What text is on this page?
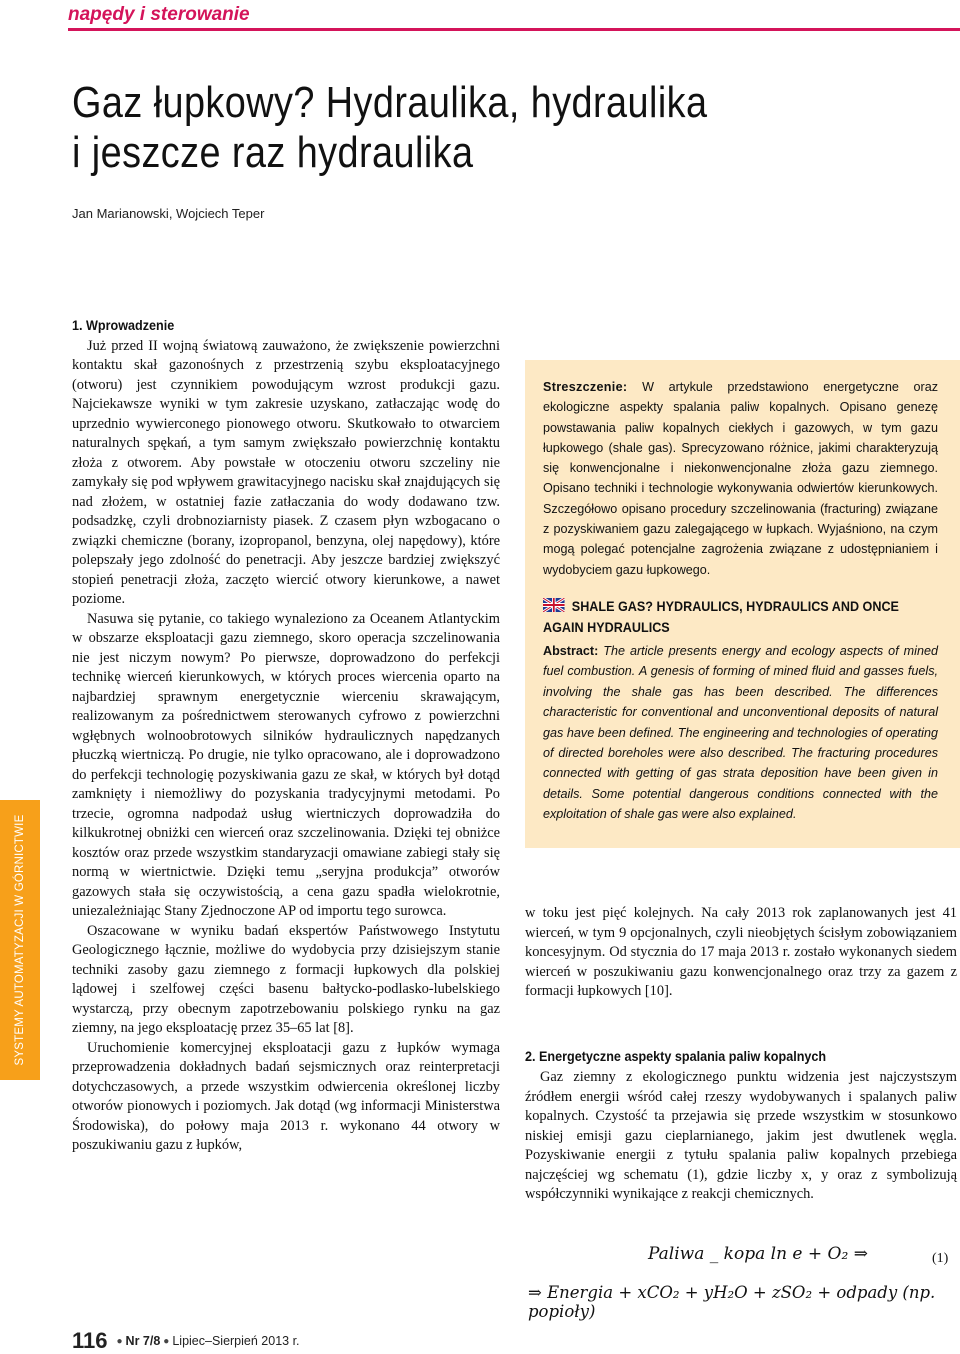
napędy i sterowanie
Gaz łupkowy? Hydraulika, hydraulika
i jeszcze raz hydraulika
Jan Marianowski, Wojciech Teper
SYSTEMY AUTOMATYZACJI W GÓRNICTWIE
1. Wprowadzenie

Już przed II wojną światową zauważono, że zwiększenie powierzchni kontaktu skał gazonośnych z przestrzenią szybu eksploatacyjnego (otworu) jest czynnikiem powodującym wzrost produkcji gazu. Najciekawsze wyniki w tym zakresie uzyskano, zatłaczając wodę do uprzednio wywierconego pionowego otworu. Skutkowało to otwarciem naturalnych spękań, a tym samym zwiększało powierzchnię kontaktu złoża z otworem. Aby powstałe w otoczeniu otworu szczeliny nie zamykały się pod wpływem grawitacyjnego nacisku skał znajdujących się nad złożem, w ostatniej fazie zatłaczania do wody dodawano tzw. podsadzkę, czyli drobnoziarnisty piasek. Z czasem płyn wzbogacano o związki chemiczne (borany, izopropanol, benzyna, olej napędowy), które polepszały jego zdolność do penetracji. Aby jeszcze bardziej zwiększyć stopień penetracji złoża, zaczęto wiercić otwory kierunkowe, a nawet poziome.

Nasuwa się pytanie, co takiego wynaleziono za Oceanem Atlantyckim w obszarze eksploatacji gazu ziemnego, skoro operacja szczelinowania nie jest niczym nowym? Po pierwsze, doprowadzono do perfekcji technikę wierceń kierunkowych, w których proces wiercenia oparto na najbardziej sprawnym energetycznie wierceniu skrawającym, realizowanym za pośrednictwem sterowanych cyfrowo z powierzchni wgłębnych wolnoobrotowych silników hydraulicznych napędzanych płuczką wiertniczą. Po drugie, nie tylko opracowano, ale i doprowadzono do perfekcji technologię pozyskiwania gazu ze skał, w których był dotąd zamknięty i niemożliwy do pozyskania tradycyjnymi metodami. Po trzecie, ogromna nadpodaż usług wiertniczych doprowadziła do kilkukrotnej obniżki cen wierceń oraz szczelinowania. Dzięki tej obniżce kosztów oraz przede wszystkim standaryzacji omawiane zabiegi stały się normą w wiertnictwie. Dzięki temu „seryjna produkcja” otworów gazowych stała się oczywistością, a cena gazu spadła wielokrotnie, uniezależniając Stany Zjednoczone AP od importu tego surowca.

Oszacowane w wyniku badań ekspertów Państwowego Instytutu Geologicznego łącznie, możliwe do wydobycia przy dzisiejszym stanie techniki zasoby gazu ziemnego z formacji łupkowych dla polskiej lądowej i szelfowej części basenu bałtycko-podlasko-lubelskiego wystarczą, przy obecnym zapotrzebowaniu polskiego rynku na gaz ziemny, na jego eksploatację przez 35–65 lat [8].

Uruchomienie komercyjnej eksploatacji gazu z łupków wymaga przeprowadzenia dokładnych badań sejsmicznych oraz reinterpretacji dotychczasowych, a przede wszystkim odwiercenia określonej liczby otworów pionowych i poziomych. Jak dotąd (wg informacji Ministerstwa Środowiska), do połowy maja 2013 r. wykonano 44 otwory w poszukiwaniu gazu z łupków,

Streszczenie: W artykule przedstawiono energetyczne oraz ekologiczne aspekty spalania paliw kopalnych. Opisano genezę powstawania paliw kopalnych ciekłych i gazowych, w tym gazu łupkowego (shale gas). Sprecyzowano różnice, jakimi charakteryzują się konwencjonalne i niekonwencjonalne złoża gazu ziemnego. Opisano techniki i technologie wykonywania odwiertów kierunkowych. Szczegółowo opisano procedury szczelinowania (fracturing) związane z pozyskiwaniem gazu zalegającego w łupkach. Wyjaśniono, na czym mogą polegać potencjalne zagrożenia związane z udostępnianiem i wydobyciem gazu łupkowego.

SHALE GAS? HYDRAULICS, HYDRAULICS AND ONCE AGAIN HYDRAULICS

Abstract: The article presents energy and ecology aspects of mined fuel combustion. A genesis of forming of mined fluid and gasses fuels, involving the shale gas has been described. The differences characteristic for conventional and unconventional deposits of natural gas have been defined. The engineering and technologies of operating of directed boreholes were also described. The fracturing procedures connected with getting of gas strata deposition have been given in details. Some potential dangerous conditions connected with the exploitation of shale gas were also explained.

w toku jest pięć kolejnych. Na cały 2013 rok zaplanowanych jest 41 wierceń, w tym 9 opcjonalnych, czyli nieobjętych ścisłym zobowiązaniem koncesyjnym. Od stycznia do 17 maja 2013 r. zostało wykonanych siedem wierceń w poszukiwaniu gazu konwencjonalnego oraz trzy za gazem z formacji łupkowych [10].

2. Energetyczne aspekty spalania paliw kopalnych

Gaz ziemny z ekologicznego punktu widzenia jest najczystszym źródłem energii wśród całej rzeszy wydobywanych i spalanych paliw kopalnych. Czystość ta przejawia się przede wszystkim w stosunkowo niskiej emisji gazu cieplarnianego, jakim jest dwutlenek węgla. Pozyskiwanie energii z tytułu spalania paliw kopalnych przebiega najczęściej wg schematu (1), gdzie liczby x, y oraz z symbolizują współczynniki wynikające z reakcji chemicznych.

Paliwa _ kopa ln e + O₂ ⇒	(1)
⇒ Energia + xCO₂ + yH₂O + zSO₂ + odpady (np. popioły)
116 ● Nr 7/8 ● Lipiec–Sierpień 2013 r.
